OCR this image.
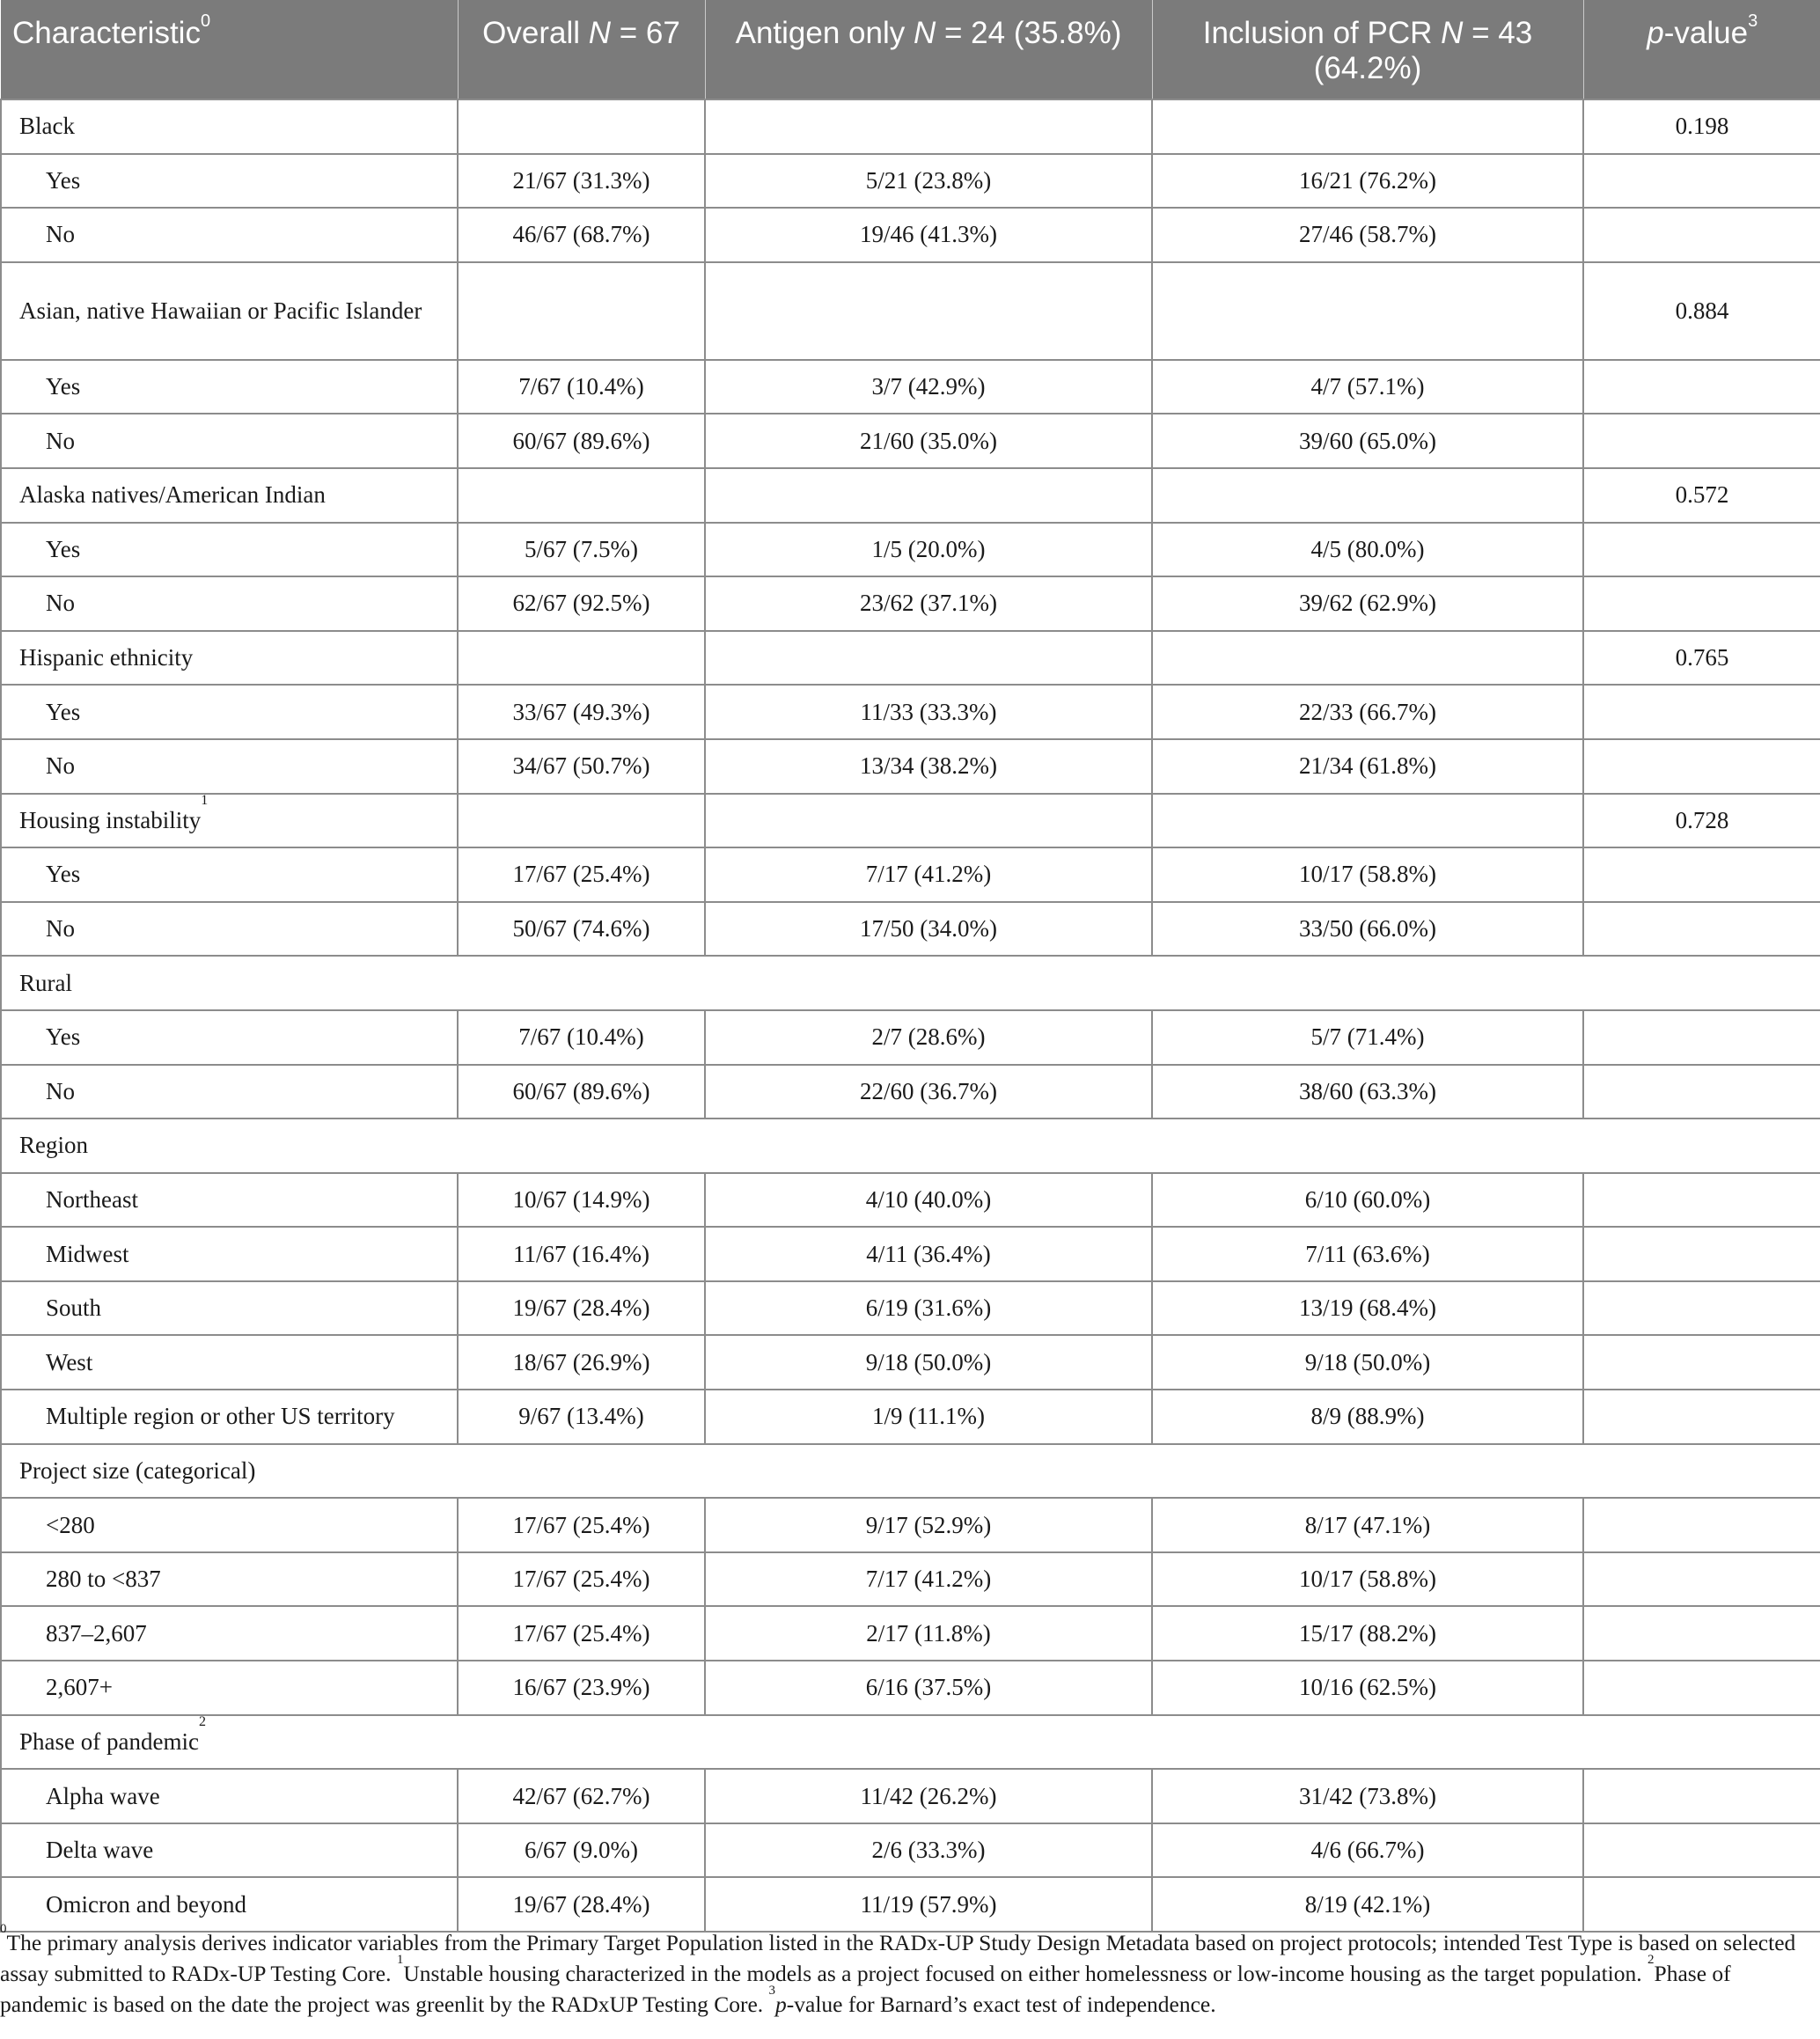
Characteristic$^0$	Overall N = 67	Antigen only N = 24 (35.8%)	Inclusion of PCR N = 43 (64.2%)	p-value$^3$
Black				0.198
Yes	21/67 (31.3%)	5/21 (23.8%)	16/21 (76.2%)	
No	46/67 (68.7%)	19/46 (41.3%)	27/46 (58.7%)	
Asian, native Hawaiian or Pacific Islander				0.884
Yes	7/67 (10.4%)	3/7 (42.9%)	4/7 (57.1%)	
No	60/67 (89.6%)	21/60 (35.0%)	39/60 (65.0%)	
Alaska natives/American Indian				0.572
Yes	5/67 (7.5%)	1/5 (20.0%)	4/5 (80.0%)	
No	62/67 (92.5%)	23/62 (37.1%)	39/62 (62.9%)	
Hispanic ethnicity				0.765
Yes	33/67 (49.3%)	11/33 (33.3%)	22/33 (66.7%)	
No	34/67 (50.7%)	13/34 (38.2%)	21/34 (61.8%)	
Housing instability$^1$				0.728
Yes	17/67 (25.4%)	7/17 (41.2%)	10/17 (58.8%)	
No	50/67 (74.6%)	17/50 (34.0%)	33/50 (66.0%)	
Rural				
Yes	7/67 (10.4%)	2/7 (28.6%)	5/7 (71.4%)	
No	60/67 (89.6%)	22/60 (36.7%)	38/60 (63.3%)	
Region				
Northeast	10/67 (14.9%)	4/10 (40.0%)	6/10 (60.0%)	
Midwest	11/67 (16.4%)	4/11 (36.4%)	7/11 (63.6%)	
South	19/67 (28.4%)	6/19 (31.6%)	13/19 (68.4%)	
West	18/67 (26.9%)	9/18 (50.0%)	9/18 (50.0%)	
Multiple region or other US territory	9/67 (13.4%)	1/9 (11.1%)	8/9 (88.9%)	
Project size (categorical)				
<280	17/67 (25.4%)	9/17 (52.9%)	8/17 (47.1%)	
280 to <837	17/67 (25.4%)	7/17 (41.2%)	10/17 (58.8%)	
837–2,607	17/67 (25.4%)	2/17 (11.8%)	15/17 (88.2%)	
2,607+	16/67 (23.9%)	6/16 (37.5%)	10/16 (62.5%)	
Phase of pandemic$^2$
Alpha wave	42/67 (62.7%)	11/42 (26.2%)	31/42 (73.8%)	
Delta wave	6/67 (9.0%)	2/6 (33.3%)	4/6 (66.7%)	
Omicron and beyond	19/67 (28.4%)	11/19 (57.9%)	8/19 (42.1%)	
$^0$The primary analysis derives indicator variables from the Primary Target Population listed in the RADx-UP Study Design Metadata based on project protocols; intended Test Type is based on selected assay submitted to RADx-UP Testing Core. $^1$Unstable housing characterized in the models as a project focused on either homelessness or low-income housing as the target population. $^2$Phase of pandemic is based on the date the project was greenlit by the RADxUP Testing Core. $^3$p-value for Barnard’s exact test of independence.
